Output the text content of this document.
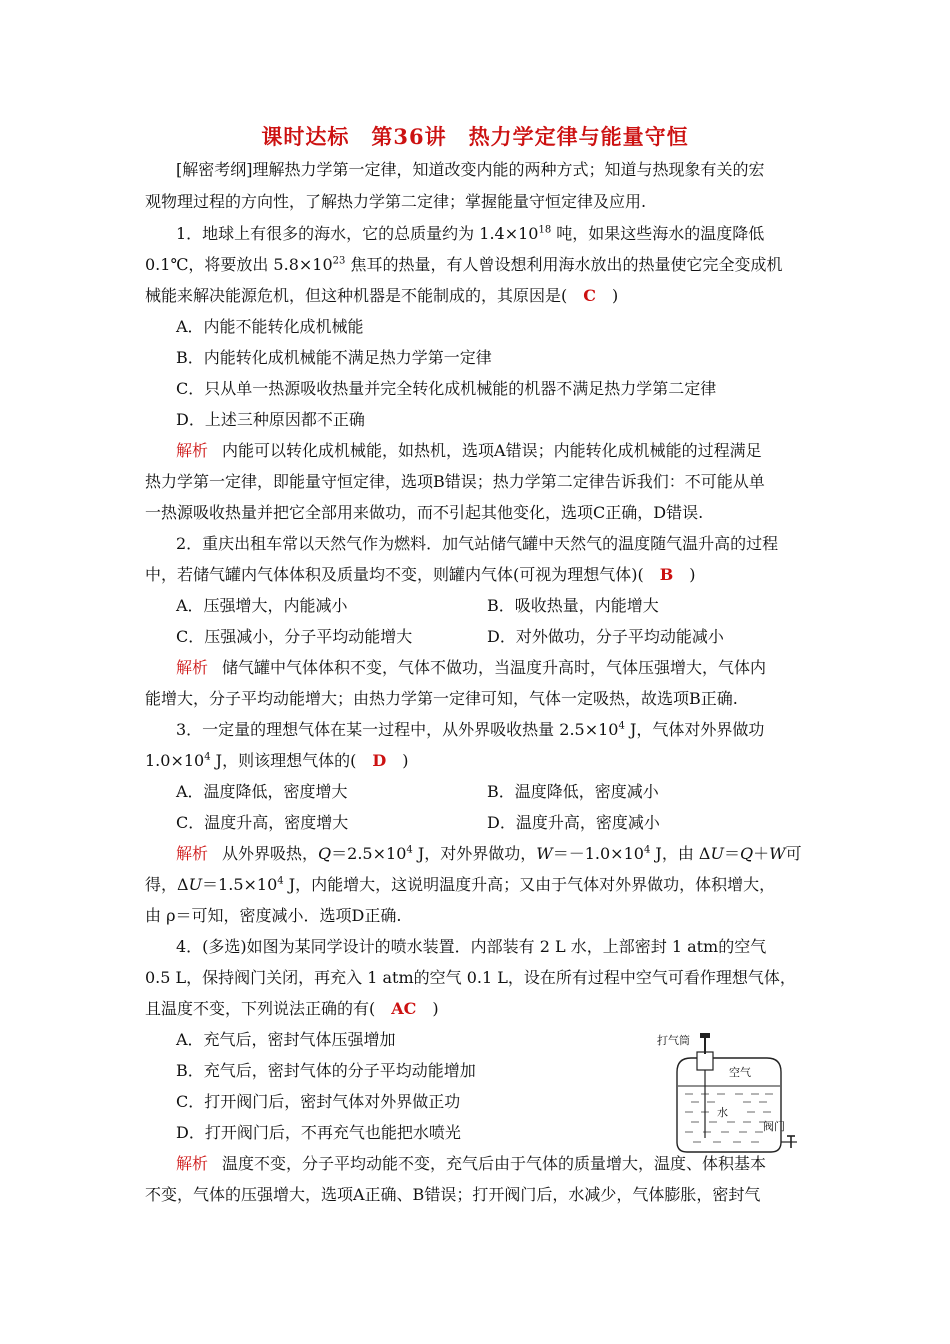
课时达标　第36讲　热力学定律与能量守恒
[解密考纲]理解热力学第一定律，知道改变内能的两种方式；知道与热现象有关的宏
观物理过程的方向性，了解热力学第二定律；掌握能量守恒定律及应用.
1．地球上有很多的海水，它的总质量约为 $1.4\times 10^{18}$ 吨，如果这些海水的温度降低
0.1℃，将要放出 $5.8\times 10^{23}$ 焦耳的热量，有人曾设想利用海水放出的热量使它完全变成机
械能来解决能源危机，但这种机器是不能制成的，其原因是(　C　)
A．内能不能转化成机械能
B．内能转化成机械能不满足热力学第一定律
C．只从单一热源吸收热量并完全转化成机械能的机器不满足热力学第二定律
D．上述三种原因都不正确
解析 内能可以转化成机械能，如热机，选项A错误；内能转化成机械能的过程满足
热力学第一定律，即能量守恒定律，选项B错误；热力学第二定律告诉我们：不可能从单
一热源吸收热量并把它全部用来做功，而不引起其他变化，选项C正确，D错误.
2．重庆出租车常以天然气作为燃料．加气站储气罐中天然气的温度随气温升高的过程
中，若储气罐内气体体积及质量均不变，则罐内气体(可视为理想气体)(　B　)
A．压强增大，内能减小	B．吸收热量，内能增大
C．压强减小，分子平均动能增大	D．对外做功，分子平均动能减小
解析 储气罐中气体体积不变，气体不做功，当温度升高时，气体压强增大，气体内
能增大，分子平均动能增大；由热力学第一定律可知，气体一定吸热，故选项B正确.
3．一定量的理想气体在某一过程中，从外界吸收热量 $2.5\times 10^4$ J，气体对外界做功
$1.0\times 10^4$ J，则该理想气体的(　D　)
A．温度降低，密度增大	B．温度降低，密度减小
C．温度升高，密度增大	D．温度升高，密度减小
解析 从外界吸热，$Q=2.5\times 10^4$ J，对外界做功，$W=-1.0\times 10^4$ J，由 ΔU＝Q＋W可
得，$\Delta U=1.5\times 10^4$ J，内能增大，这说明温度升高；又由于气体对外界做功，体积增大，
由 ρ＝可知，密度减小．选项D正确.
4．(多选)如图为某同学设计的喷水装置．内部装有 2 L 水，上部密封 1 atm的空气
0.5 L，保持阀门关闭，再充入 1 atm的空气 0.1 L，设在所有过程中空气可看作理想气体，
且温度不变，下列说法正确的有(　AC　)
A．充气后，密封气体压强增加
B．充气后，密封气体的分子平均动能增加
C．打开阀门后，密封气体对外界做正功
D．打开阀门后，不再充气也能把水喷光
打气筒
空气
水
阀门
解析 温度不变，分子平均动能不变，充气后由于气体的质量增大，温度、体积基本
不变，气体的压强增大，选项A正确、B错误；打开阀门后，水减少，气体膨胀，密封气
